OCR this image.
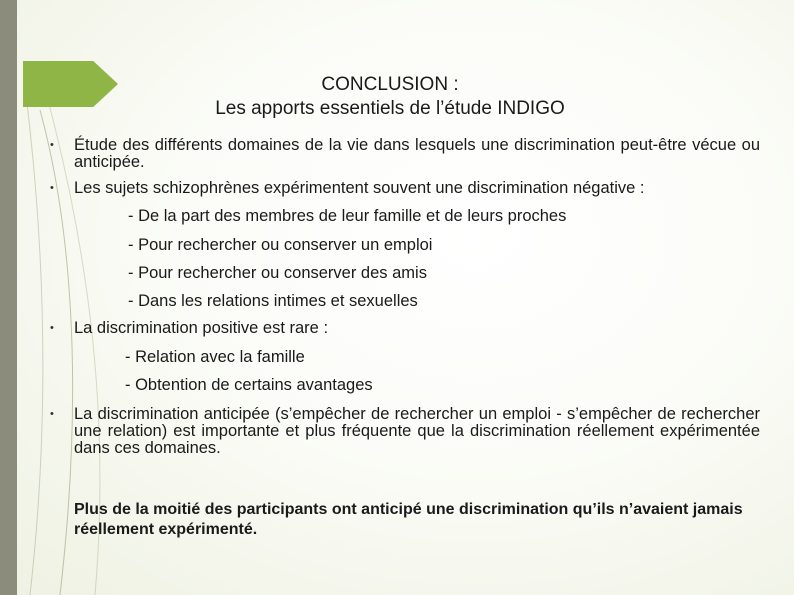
CONCLUSION :
Les apports essentiels de l’étude INDIGO
• Étude des différents domaines de la vie dans lesquels une discrimination peut-être vécue ou anticipée.
• Les sujets schizophrènes expérimentent souvent une discrimination négative :
- De la part des membres de leur famille et de leurs proches
- Pour rechercher ou conserver un emploi
- Pour rechercher ou conserver des amis
- Dans les relations intimes et sexuelles
• La discrimination positive est rare :
- Relation avec la famille
- Obtention de certains avantages
• La discrimination anticipée (s’empêcher de rechercher un emploi - s’empêcher de rechercher une relation) est importante et plus fréquente que la discrimination réellement expérimentée dans ces domaines.
Plus de la moitié des participants ont anticipé une discrimination qu’ils n’avaient jamais réellement expérimenté.
